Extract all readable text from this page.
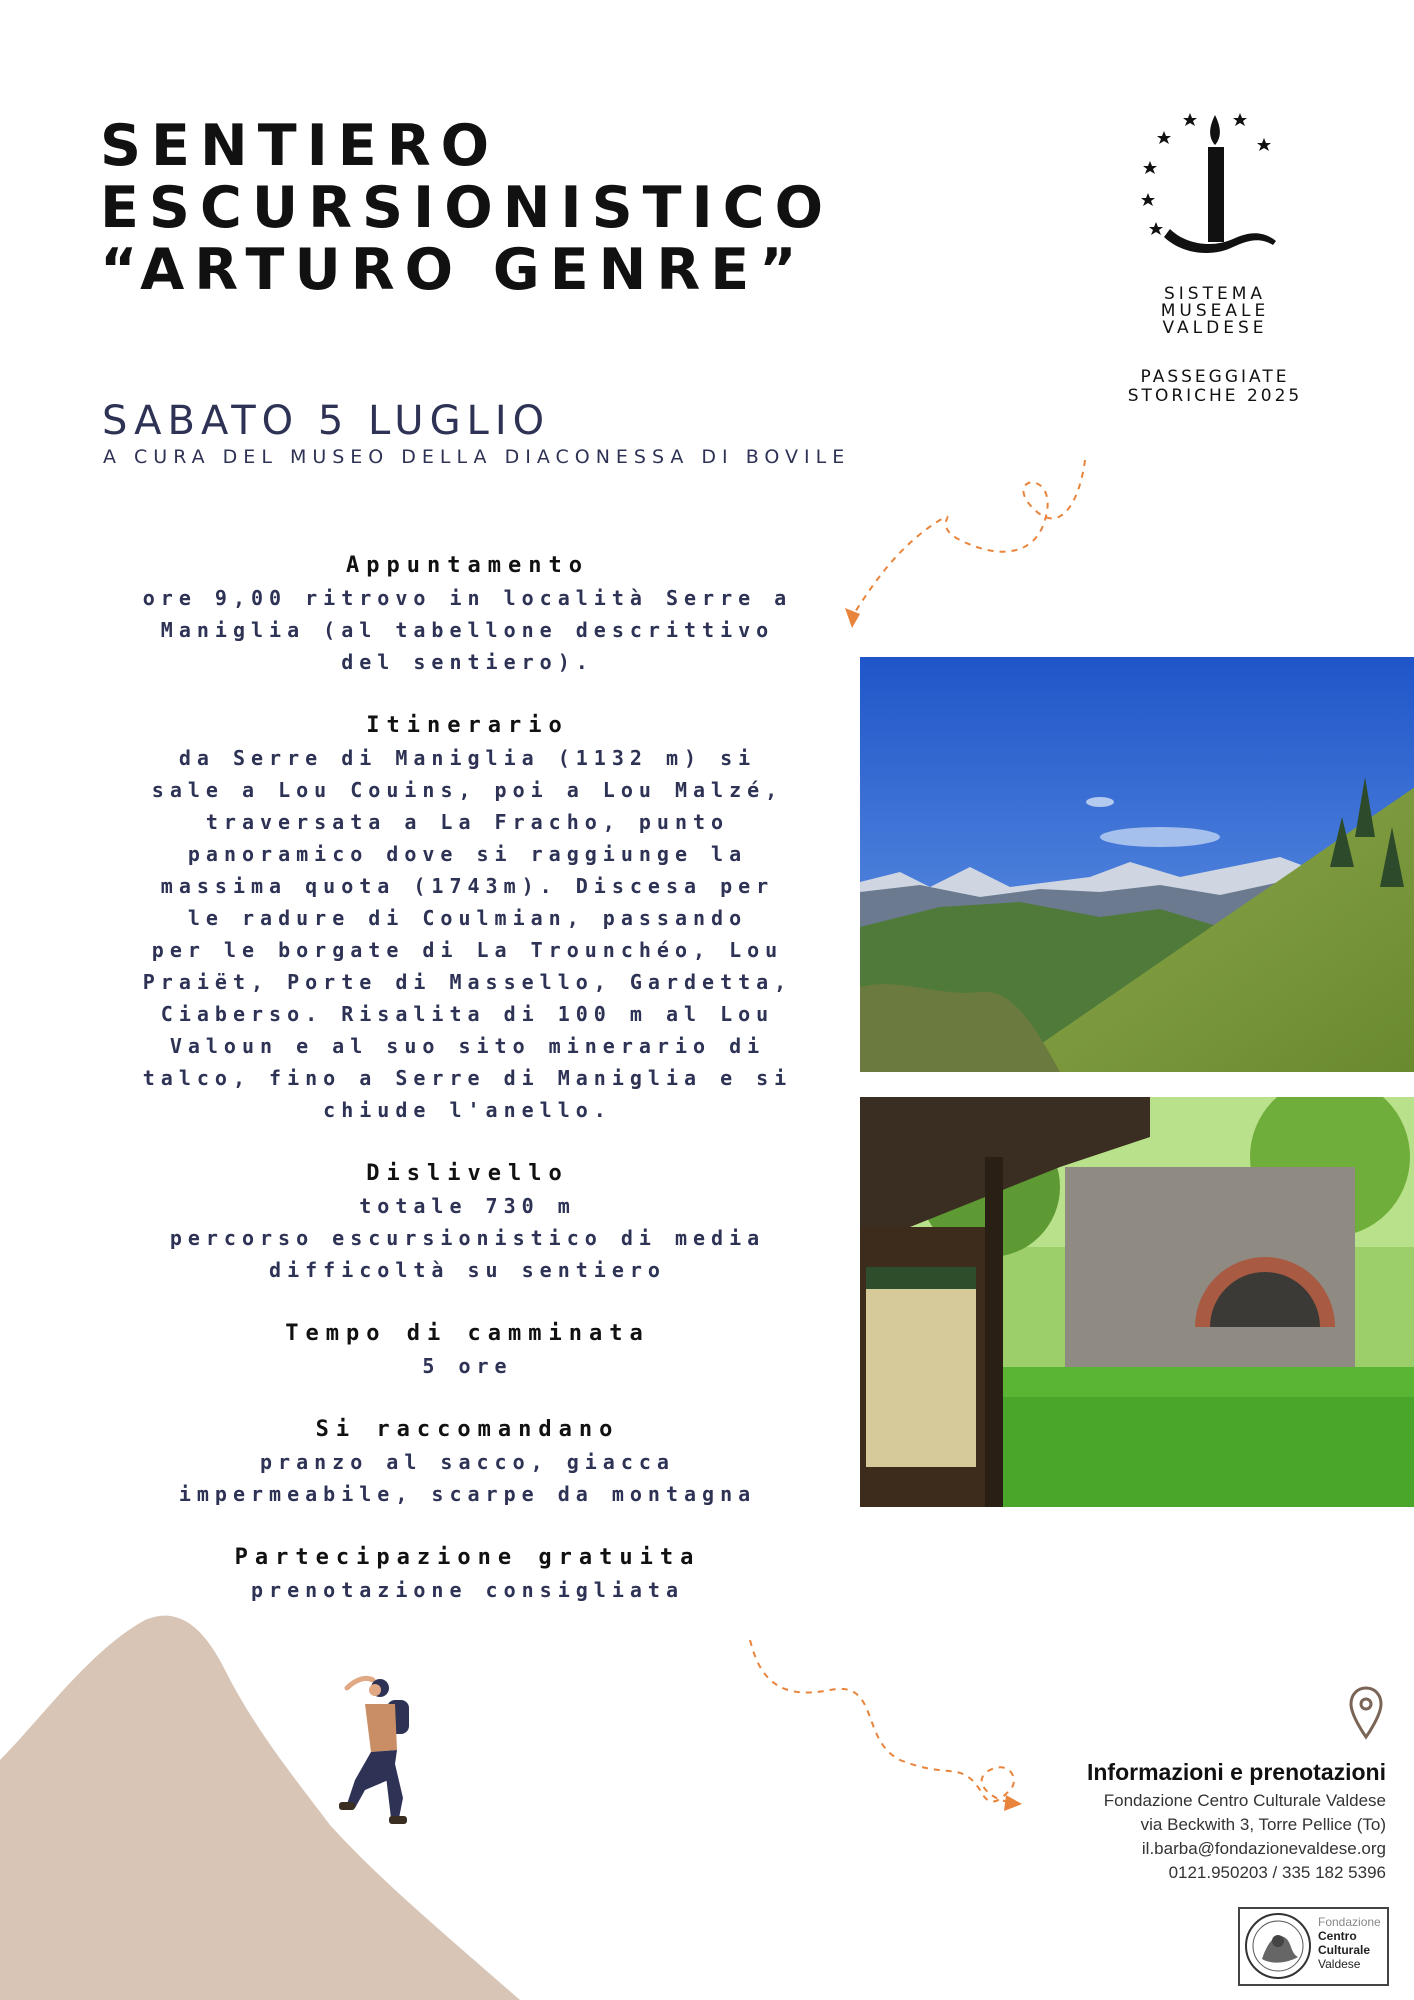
SENTIERO
ESCURSIONISTICO
“ARTURO GENRE”
SABATO 5 LUGLIO
A CURA DEL MUSEO DELLA DIACONESSA DI BOVILE
SISTEMA
MUSEALE
VALDESE
PASSEGGIATE
STORICHE 2025
Appuntamento
ore 9,00 ritrovo in località Serre a
Maniglia (al tabellone descrittivo
del sentiero).
Itinerario
da Serre di Maniglia (1132 m) si
sale a Lou Couins, poi a Lou Malzé,
traversata a La Fracho, punto
panoramico dove si raggiunge la
massima quota (1743m). Discesa per
le radure di Coulmian, passando
per le borgate di La Trounchéo, Lou
Praiët, Porte di Massello, Gardetta,
Ciaberso. Risalita di 100 m al Lou
Valoun e al suo sito minerario di
talco, fino a Serre di Maniglia e si
chiude l'anello.
Dislivello
totale 730 m
percorso escursionistico di media
difficoltà su sentiero
Tempo di camminata
5 ore
Si raccomandano
pranzo al sacco, giacca
impermeabile, scarpe da montagna
Partecipazione gratuita
prenotazione consigliata
Informazioni e prenotazioni
Fondazione Centro Culturale Valdese
via Beckwith 3, Torre Pellice (To)
il.barba@fondazionevaldese.org
0121.950203 / 335 182 5396
Fondazione
Centro
Culturale
Valdese
